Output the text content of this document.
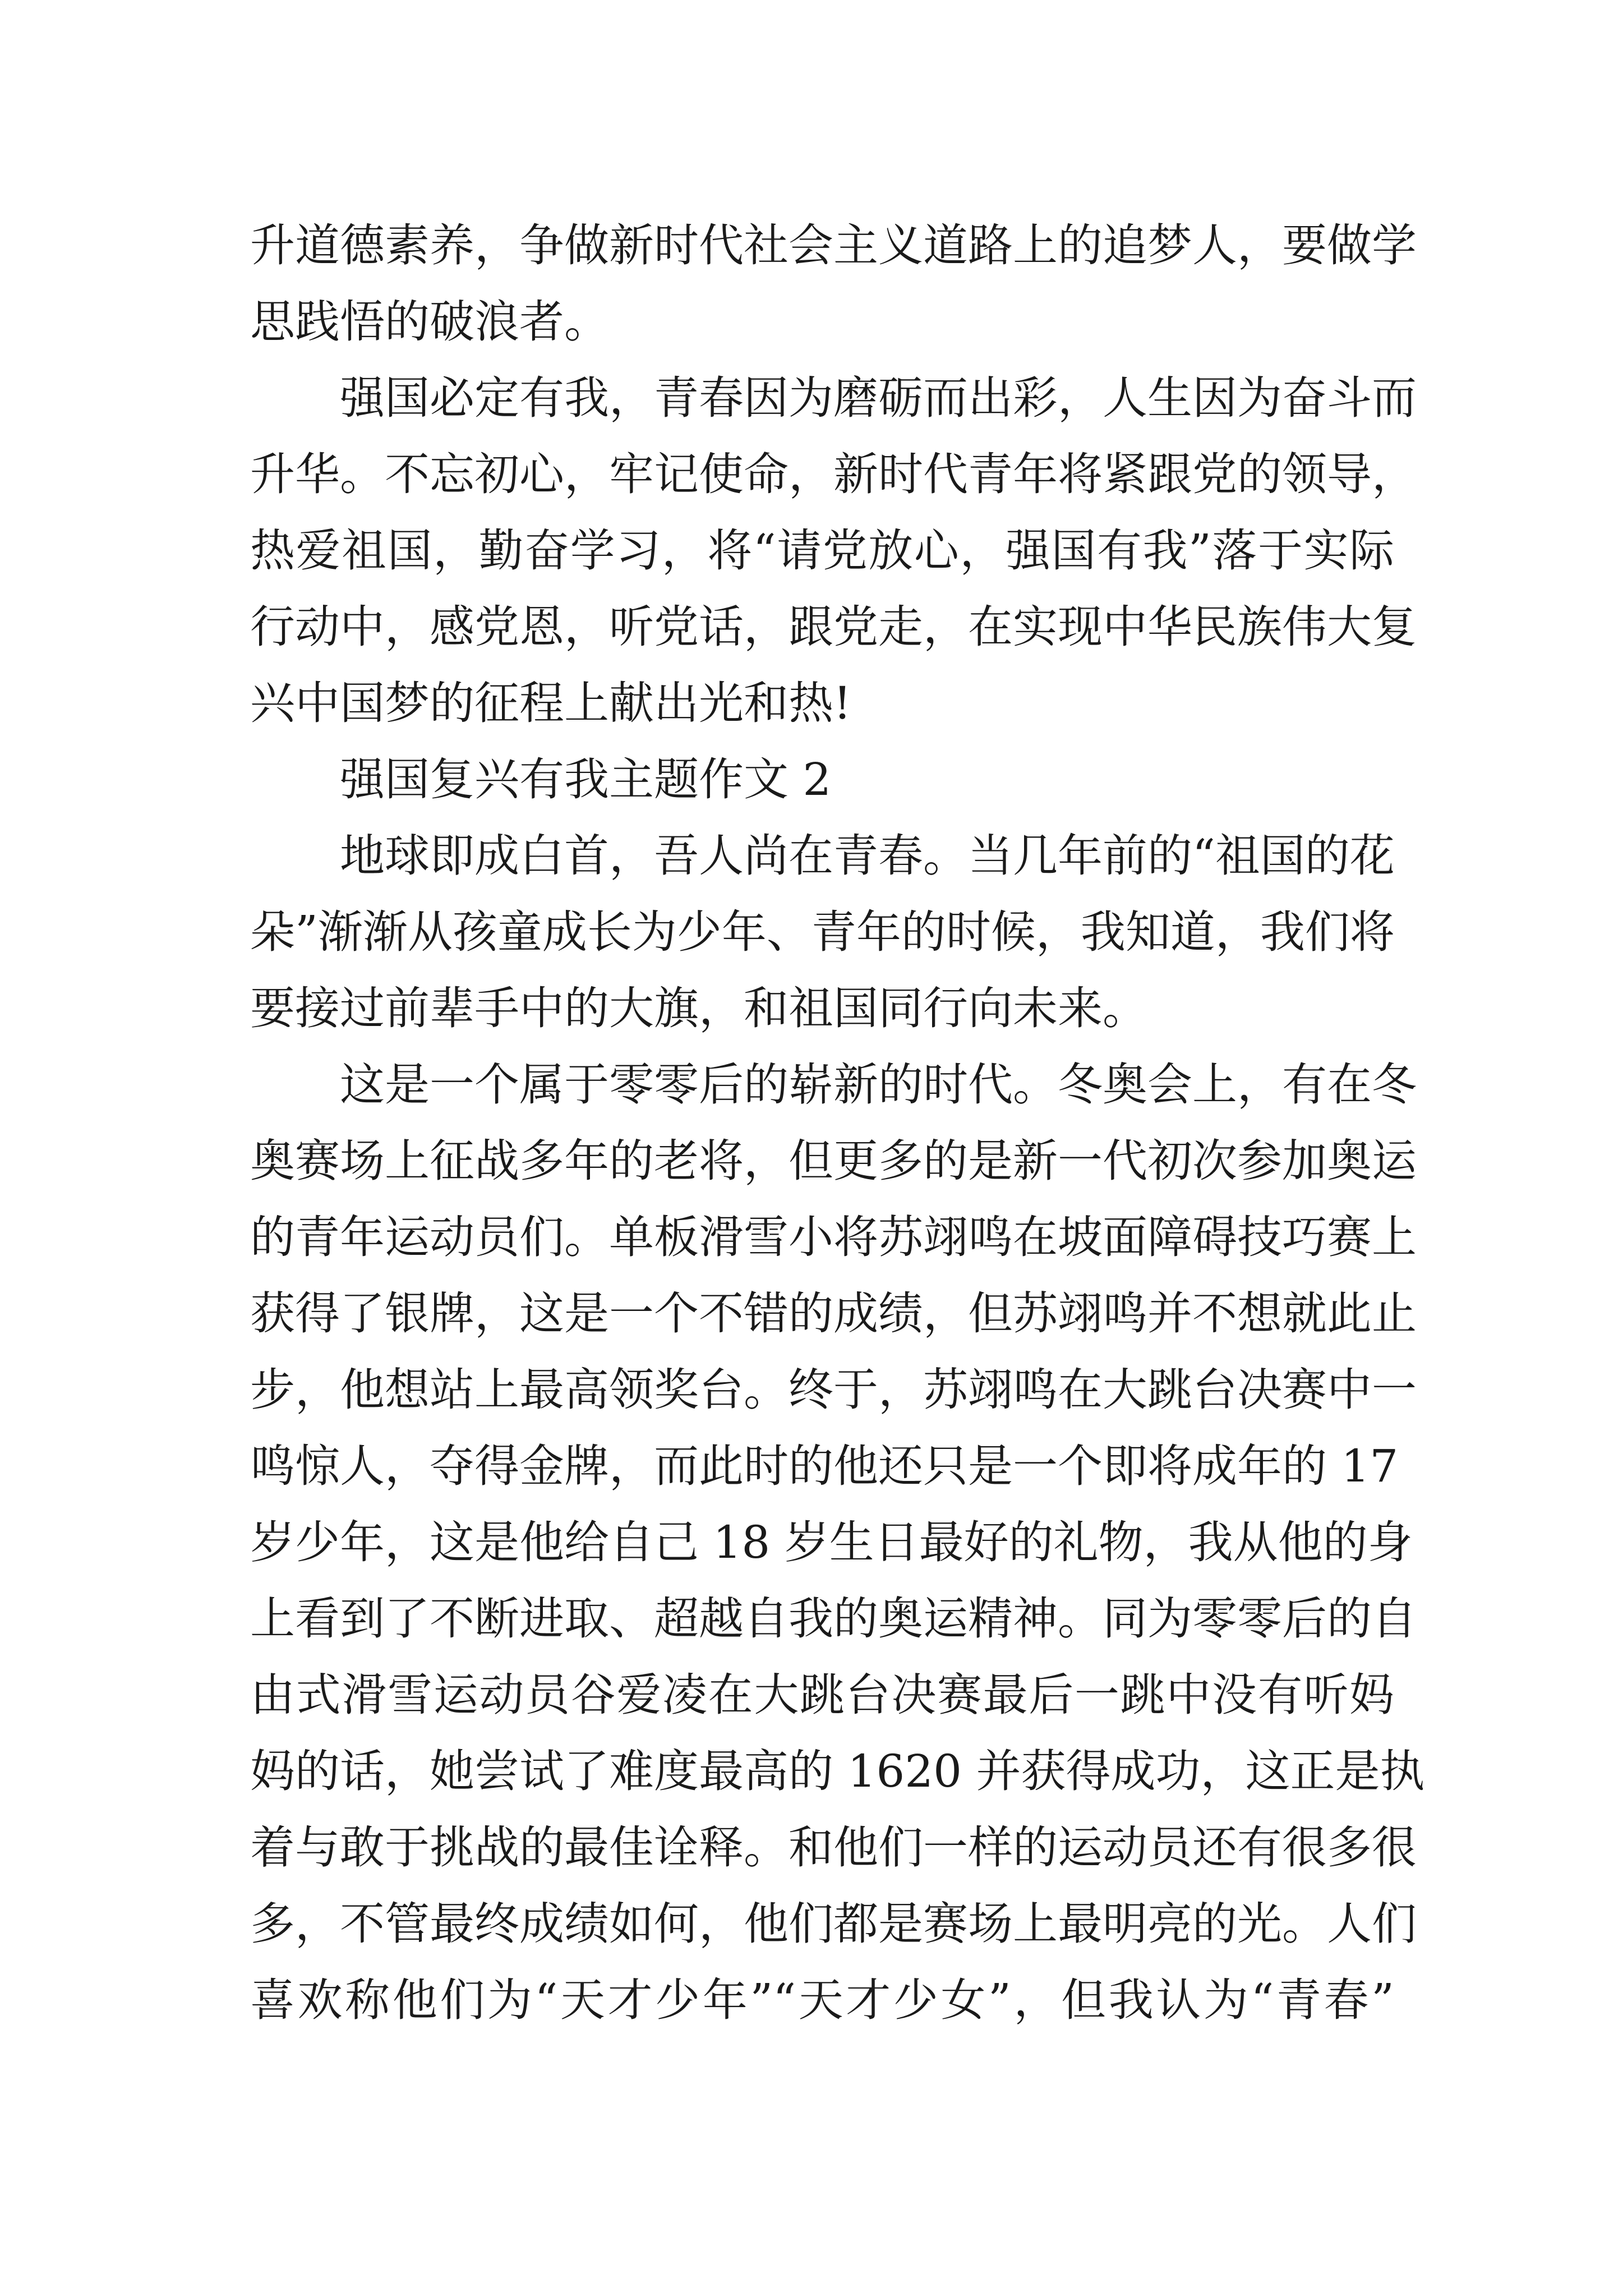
升道德素养，争做新时代社会主义道路上的追梦人，要做学
思践悟的破浪者。
强国必定有我，青春因为磨砺而出彩，人生因为奋斗而
升华。不忘初心，牢记使命，新时代青年将紧跟党的领导，
热爱祖国，勤奋学习，将“请党放心，强国有我”落于实际
行动中，感党恩，听党话，跟党走，在实现中华民族伟大复
兴中国梦的征程上献出光和热!
强国复兴有我主题作文 2
地球即成白首，吾人尚在青春。当几年前的“祖国的花
朵”渐渐从孩童成长为少年、青年的时候，我知道，我们将
要接过前辈手中的大旗，和祖国同行向未来。
这是一个属于零零后的崭新的时代。冬奥会上，有在冬
奥赛场上征战多年的老将，但更多的是新一代初次参加奥运
的青年运动员们。单板滑雪小将苏翊鸣在坡面障碍技巧赛上
获得了银牌，这是一个不错的成绩，但苏翊鸣并不想就此止
步，他想站上最高领奖台。终于，苏翊鸣在大跳台决赛中一
鸣惊人，夺得金牌，而此时的他还只是一个即将成年的 17
岁少年，这是他给自己 18 岁生日最好的礼物，我从他的身
上看到了不断进取、超越自我的奥运精神。同为零零后的自
由式滑雪运动员谷爱凌在大跳台决赛最后一跳中没有听妈
妈的话，她尝试了难度最高的 1620 并获得成功，这正是执
着与敢于挑战的最佳诠释。和他们一样的运动员还有很多很
多，不管最终成绩如何，他们都是赛场上最明亮的光。人们
喜欢称他们为“天才少年”“天才少女”，但我认为“青春”
